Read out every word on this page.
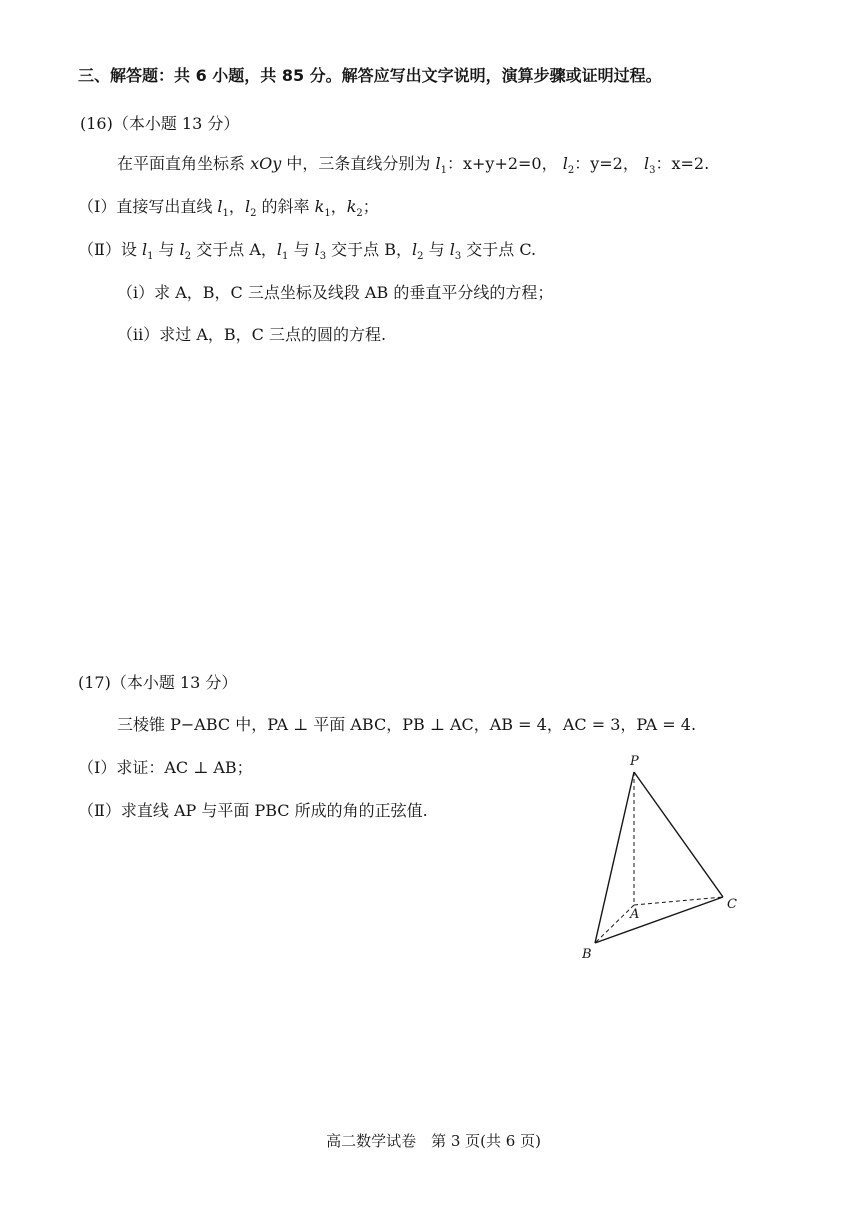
三、解答题：共 6 小题，共 85 分。解答应写出文字说明，演算步骤或证明过程。
(16)（本小题 13 分）
在平面直角坐标系 xOy 中，三条直线分别为 $l_1$：x+y+2=0， $l_2$：y=2， $l_3$：x=2.
（Ⅰ）直接写出直线 $l_1$，$l_2$ 的斜率 $k_1$，$k_2$；
（Ⅱ）设 $l_1$ 与 $l_2$ 交于点 A，$l_1$ 与 $l_3$ 交于点 B，$l_2$ 与 $l_3$ 交于点 C.
（i）求 A，B，C 三点坐标及线段 AB 的垂直平分线的方程；
（ii）求过 A，B，C 三点的圆的方程.
(17)（本小题 13 分）
三棱锥 P−ABC 中，PA ⊥ 平面 ABC，PB ⊥ AC，AB = 4，AC = 3，PA = 4.
（Ⅰ）求证：AC ⊥ AB；
（Ⅱ）求直线 AP 与平面 PBC 所成的角的正弦值.
P
A
B
C
高二数学试卷　第 3 页(共 6 页)
